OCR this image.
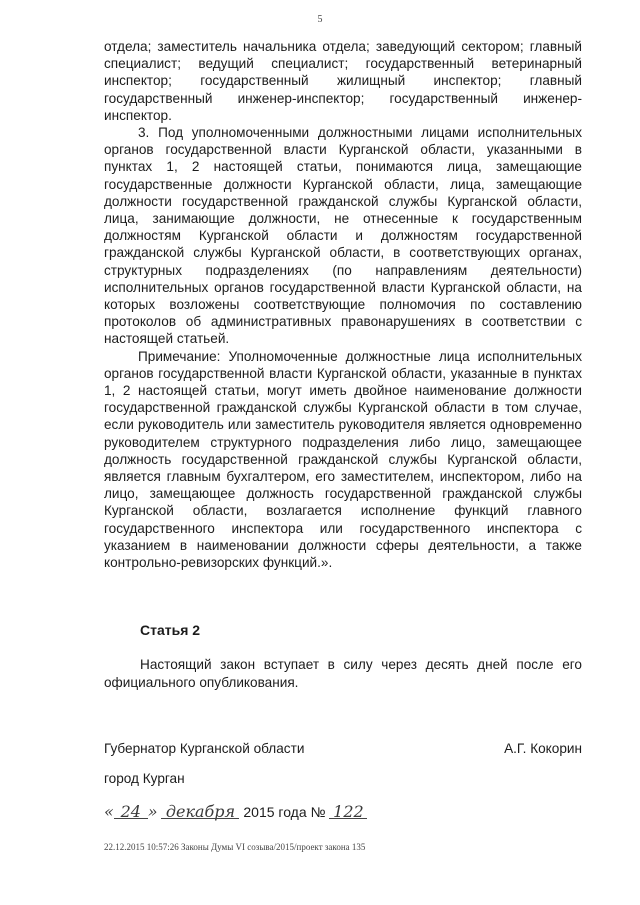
5

отдела; заместитель начальника отдела; заведующий сектором; главный специалист; ведущий специалист; государственный ветеринарный инспектор; государственный жилищный инспектор; главный государственный инженер-инспектор; государственный инженер-инспектор.

3. Под уполномоченными должностными лицами исполнительных органов государственной власти Курганской области, указанными в пунктах 1, 2 настоящей статьи, понимаются лица, замещающие государственные должности Курганской области, лица, замещающие должности государственной гражданской службы Курганской области, лица, занимающие должности, не отнесенные к государственным должностям Курганской области и должностям государственной гражданской службы Курганской области, в соответствующих органах, структурных подразделениях (по направлениям деятельности) исполнительных органов государственной власти Курганской области, на которых возложены соответствующие полномочия по составлению протоколов об административных правонарушениях в соответствии с настоящей статьей.

Примечание: Уполномоченные должностные лица исполнительных органов государственной власти Курганской области, указанные в пунктах 1, 2 настоящей статьи, могут иметь двойное наименование должности государственной гражданской службы Курганской области в том случае, если руководитель или заместитель руководителя является одновременно руководителем структурного подразделения либо лицо, замещающее должность государственной гражданской службы Курганской области, является главным бухгалтером, его заместителем, инспектором, либо на лицо, замещающее должность государственной гражданской службы Курганской области, возлагается исполнение функций главного государственного инспектора или государственного инспектора с указанием в наименовании должности сферы деятельности, а также контрольно-ревизорских функций.».

Статья 2
Настоящий закон вступает в силу через десять дней после его официального опубликования.
Губернатор Курганской области	А.Г. Кокорин
город Курган
« 24 » декабря 2015 года № 122
22.12.2015 10:57:26 Законы Думы VI созыва/2015/проект закона 135
